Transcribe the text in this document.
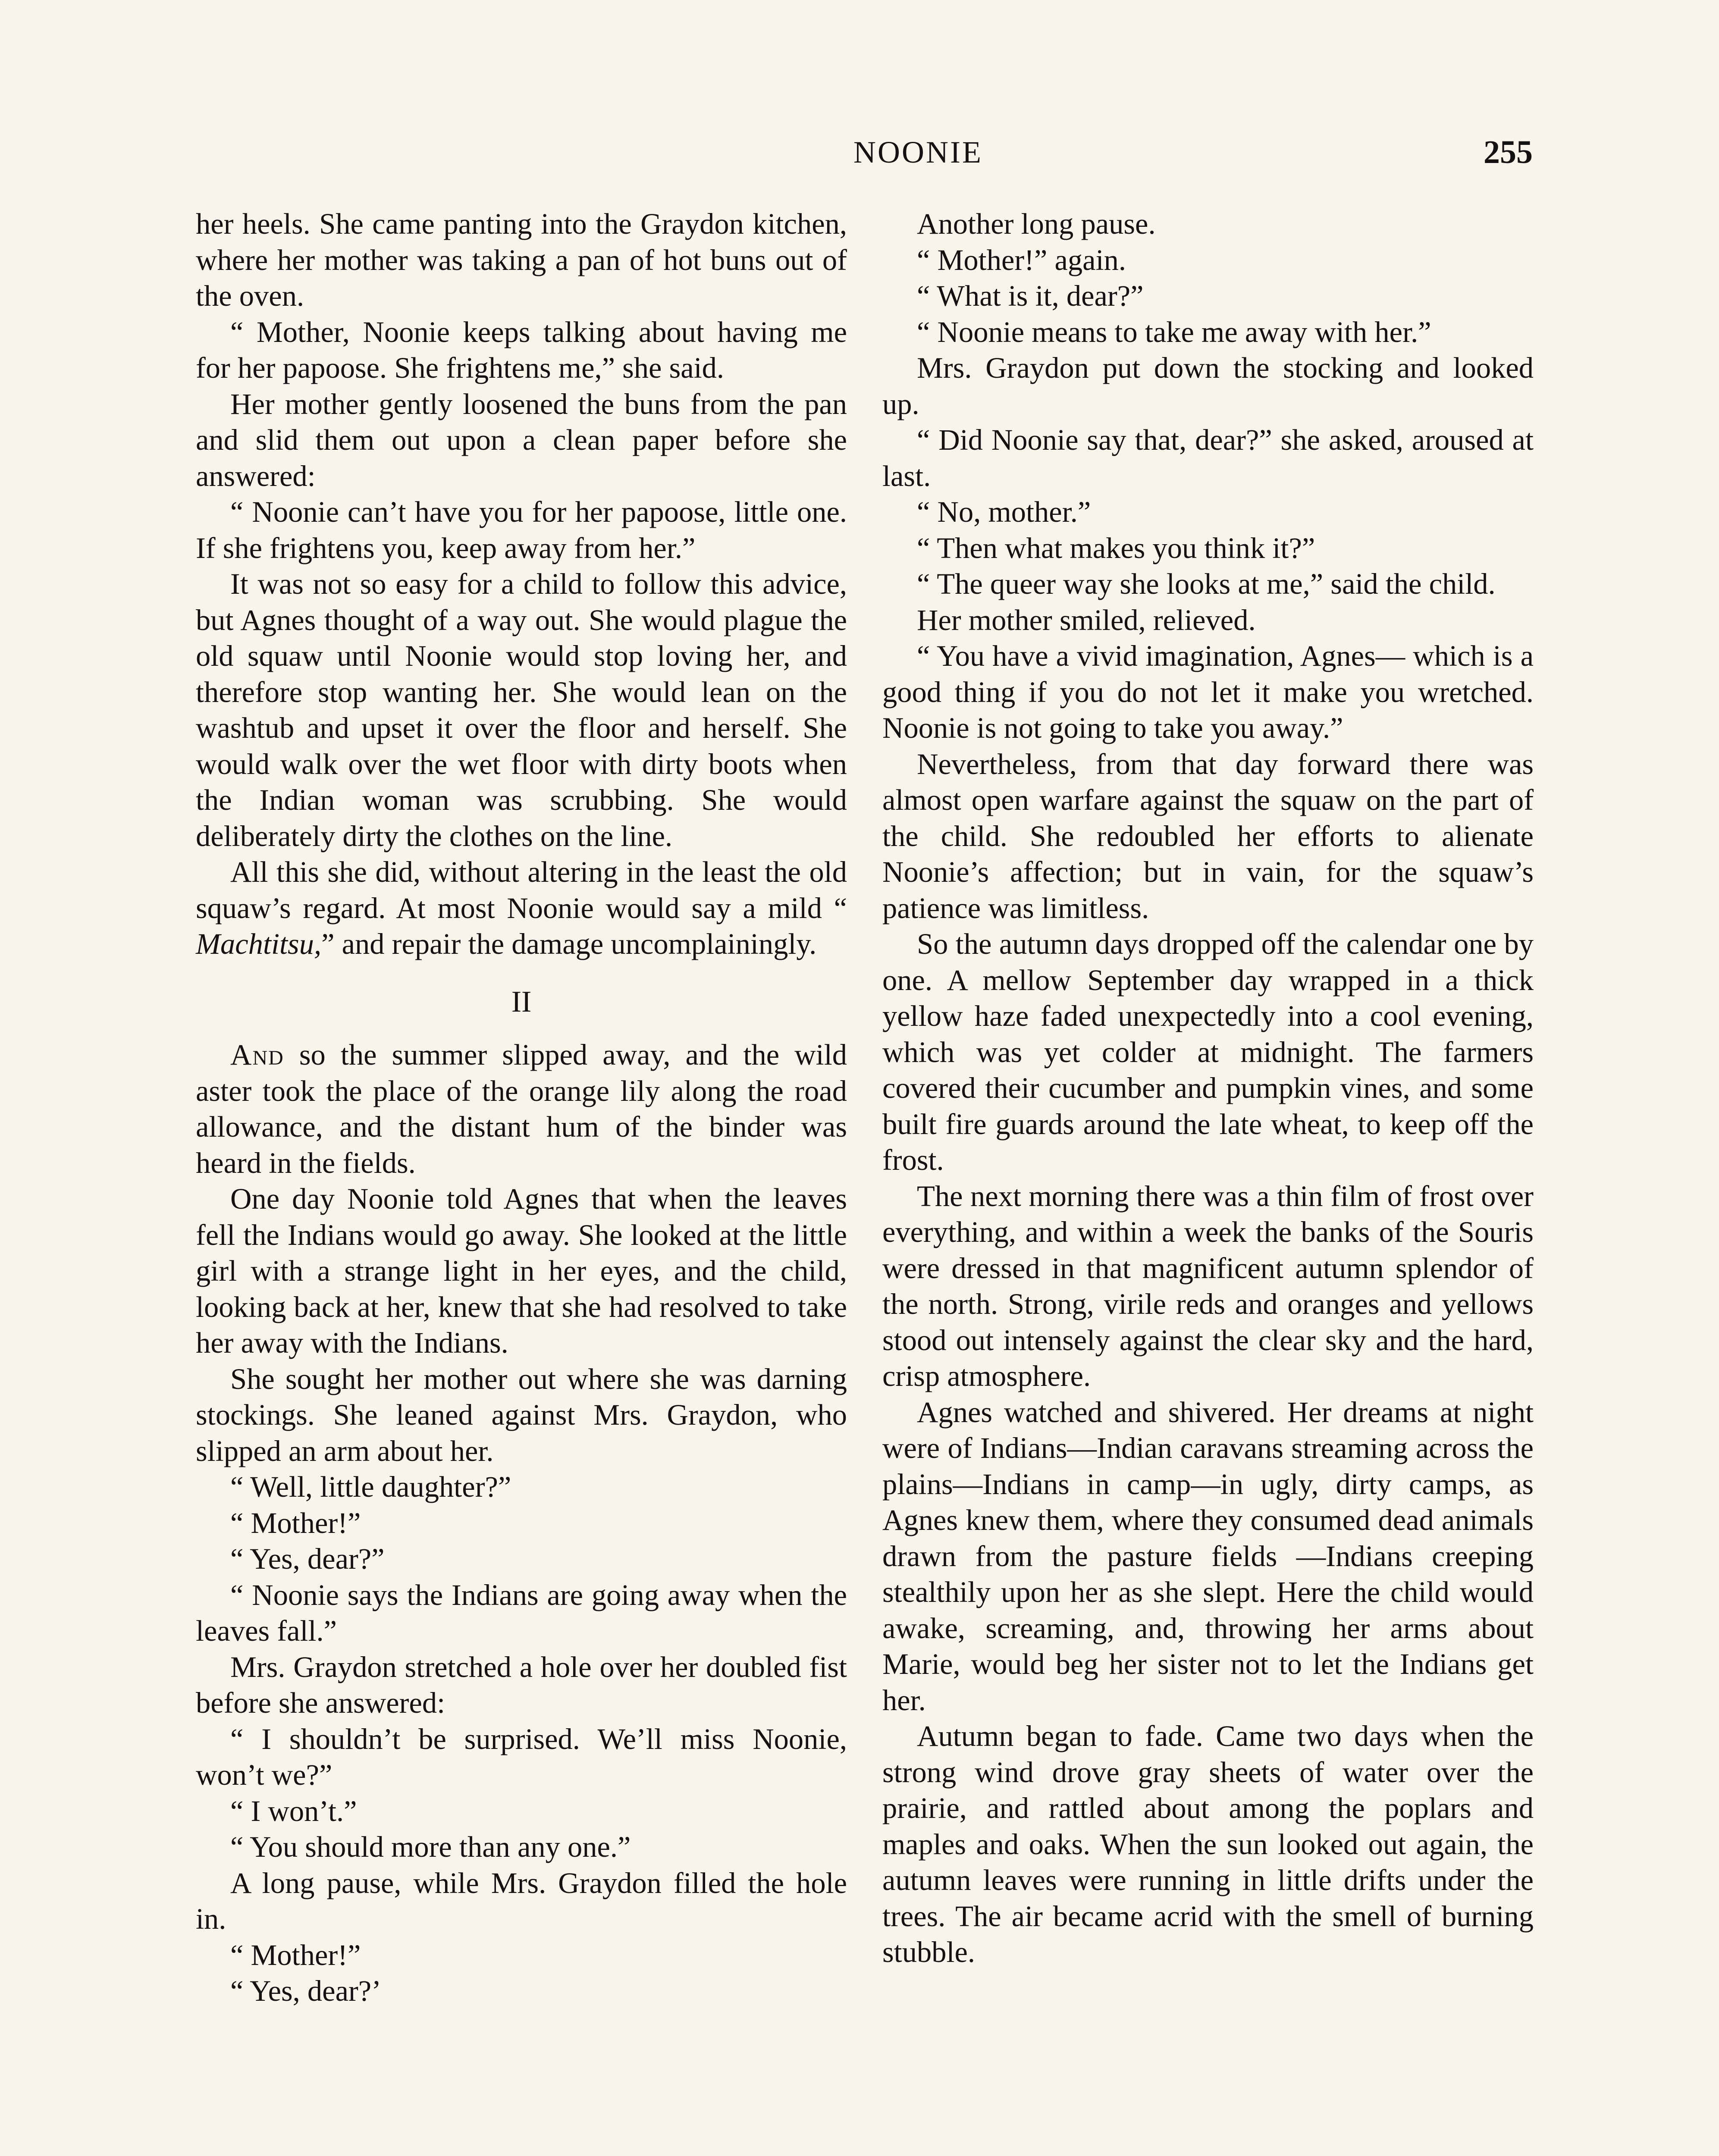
NOONIE	255

her heels. She came panting into the Graydon kitchen, where her mother was taking a pan of hot buns out of the oven.

“ Mother, Noonie keeps talking about having me for her papoose. She frightens me,” she said.

Her mother gently loosened the buns from the pan and slid them out upon a clean paper before she answered:

“ Noonie can’t have you for her papoose, little one. If she frightens you, keep away from her.”

It was not so easy for a child to follow this advice, but Agnes thought of a way out. She would plague the old squaw until Noonie would stop loving her, and therefore stop wanting her. She would lean on the washtub and upset it over the floor and herself. She would walk over the wet floor with dirty boots when the Indian woman was scrubbing. She would deliberately dirty the clothes on the line.

All this she did, without altering in the least the old squaw’s regard. At most Noonie would say a mild “ Machtitsu,” and repair the damage uncomplainingly.

II

And so the summer slipped away, and the wild aster took the place of the orange lily along the road allowance, and the distant hum of the binder was heard in the fields.

One day Noonie told Agnes that when the leaves fell the Indians would go away. She looked at the little girl with a strange light in her eyes, and the child, looking back at her, knew that she had resolved to take her away with the Indians.

She sought her mother out where she was darning stockings. She leaned against Mrs. Graydon, who slipped an arm about her.

“ Well, little daughter?”

“ Mother!”

“ Yes, dear?”

“ Noonie says the Indians are going away when the leaves fall.”

Mrs. Graydon stretched a hole over her doubled fist before she answered:

“ I shouldn’t be surprised. We’ll miss Noonie, won’t we?”

“ I won’t.”

“ You should more than any one.”

A long pause, while Mrs. Graydon filled the hole in.

“ Mother!”

“ Yes, dear?’

Another long pause.

“ Mother!” again.

“ What is it, dear?”

“ Noonie means to take me away with her.”

Mrs. Graydon put down the stocking and looked up.

“ Did Noonie say that, dear?” she asked, aroused at last.

“ No, mother.”

“ Then what makes you think it?”

“ The queer way she looks at me,” said the child.

Her mother smiled, relieved.

“ You have a vivid imagination, Agnes— which is a good thing if you do not let it make you wretched. Noonie is not going to take you away.”

Nevertheless, from that day forward there was almost open warfare against the squaw on the part of the child. She redoubled her efforts to alienate Noonie’s affection; but in vain, for the squaw’s patience was limitless.

So the autumn days dropped off the calendar one by one. A mellow September day wrapped in a thick yellow haze faded unexpectedly into a cool evening, which was yet colder at midnight. The farmers covered their cucumber and pumpkin vines, and some built fire guards around the late wheat, to keep off the frost.

The next morning there was a thin film of frost over everything, and within a week the banks of the Souris were dressed in that magnificent autumn splendor of the north. Strong, virile reds and oranges and yellows stood out intensely against the clear sky and the hard, crisp atmosphere.

Agnes watched and shivered. Her dreams at night were of Indians—Indian caravans streaming across the plains—Indians in camp—in ugly, dirty camps, as Agnes knew them, where they consumed dead animals drawn from the pasture fields —Indians creeping stealthily upon her as she slept. Here the child would awake, screaming, and, throwing her arms about Marie, would beg her sister not to let the Indians get her.

Autumn began to fade. Came two days when the strong wind drove gray sheets of water over the prairie, and rattled about among the poplars and maples and oaks. When the sun looked out again, the autumn leaves were running in little drifts under the trees. The air became acrid with the smell of burning stubble.
